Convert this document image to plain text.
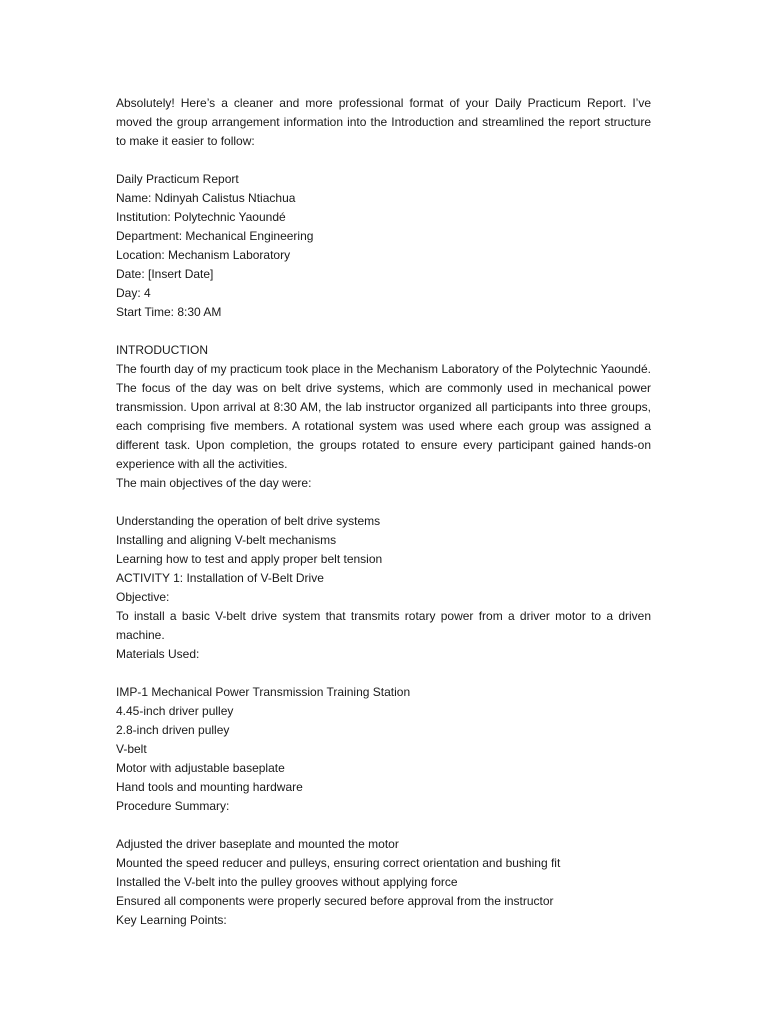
Absolutely! Here’s a cleaner and more professional format of your Daily Practicum Report. I’ve moved the group arrangement information into the Introduction and streamlined the report structure to make it easier to follow:

Daily Practicum Report

Name: Ndinyah Calistus Ntiachua

Institution: Polytechnic Yaoundé

Department: Mechanical Engineering

Location: Mechanism Laboratory

Date: [Insert Date]

Day: 4

Start Time: 8:30 AM

INTRODUCTION

The fourth day of my practicum took place in the Mechanism Laboratory of the Polytechnic Yaoundé. The focus of the day was on belt drive systems, which are commonly used in mechanical power transmission. Upon arrival at 8:30 AM, the lab instructor organized all participants into three groups, each comprising five members. A rotational system was used where each group was assigned a different task. Upon completion, the groups rotated to ensure every participant gained hands-on experience with all the activities.

The main objectives of the day were:

Understanding the operation of belt drive systems

Installing and aligning V-belt mechanisms

Learning how to test and apply proper belt tension

ACTIVITY 1: Installation of V-Belt Drive

Objective:

To install a basic V-belt drive system that transmits rotary power from a driver motor to a driven machine.

Materials Used:

IMP-1 Mechanical Power Transmission Training Station

4.45-inch driver pulley

2.8-inch driven pulley

V-belt

Motor with adjustable baseplate

Hand tools and mounting hardware

Procedure Summary:

Adjusted the driver baseplate and mounted the motor

Mounted the speed reducer and pulleys, ensuring correct orientation and bushing fit

Installed the V-belt into the pulley grooves without applying force

Ensured all components were properly secured before approval from the instructor

Key Learning Points:
